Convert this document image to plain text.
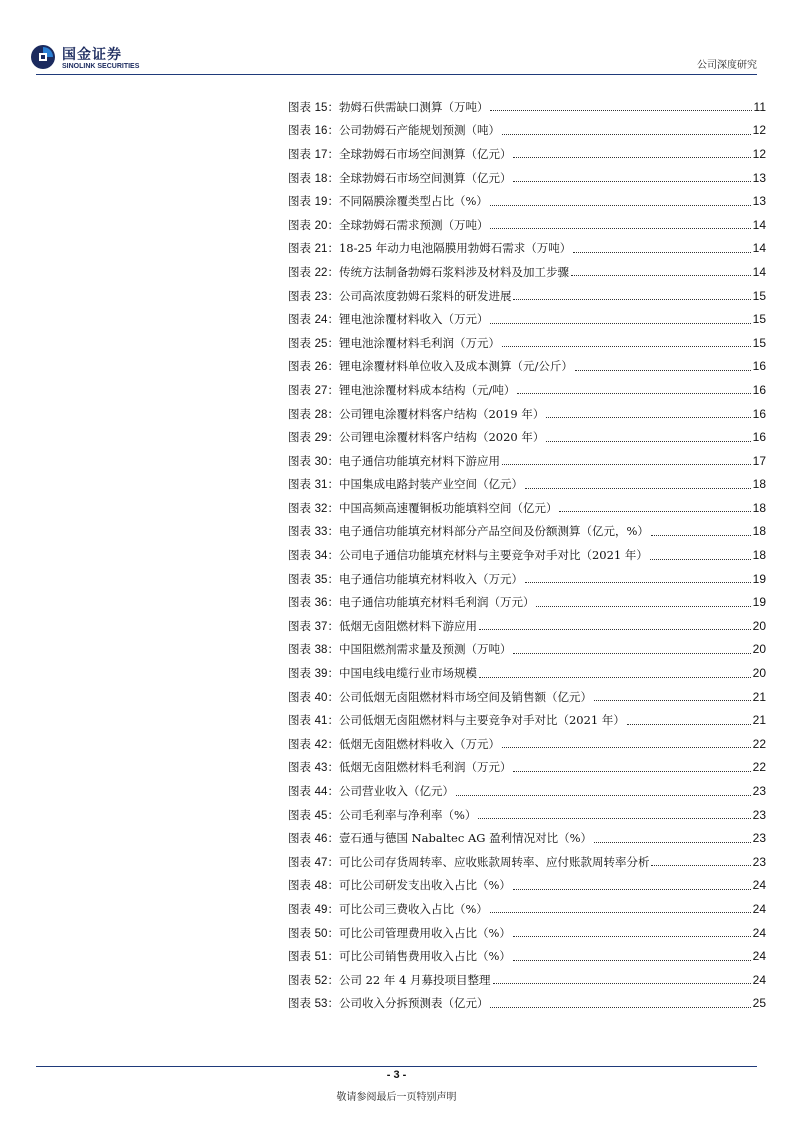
国金证券
SINOLINK SECURITIES	公司深度研究
图表 15：勃姆石供需缺口测算（万吨）	11
图表 16：公司勃姆石产能规划预测（吨）	12
图表 17：全球勃姆石市场空间测算（亿元）	12
图表 18：全球勃姆石市场空间测算（亿元）	13
图表 19：不同隔膜涂覆类型占比（%）	13
图表 20：全球勃姆石需求预测（万吨）	14
图表 21：18-25 年动力电池隔膜用勃姆石需求（万吨）	14
图表 22：传统方法制备勃姆石浆料涉及材料及加工步骤	14
图表 23：公司高浓度勃姆石浆料的研发进展	15
图表 24：锂电池涂覆材料收入（万元）	15
图表 25：锂电池涂覆材料毛利润（万元）	15
图表 26：锂电涂覆材料单位收入及成本测算（元/公斤）	16
图表 27：锂电池涂覆材料成本结构（元/吨）	16
图表 28：公司锂电涂覆材料客户结构（2019 年）	16
图表 29：公司锂电涂覆材料客户结构（2020 年）	16
图表 30：电子通信功能填充材料下游应用	17
图表 31：中国集成电路封装产业空间（亿元）	18
图表 32：中国高频高速覆铜板功能填料空间（亿元）	18
图表 33：电子通信功能填充材料部分产品空间及份额测算（亿元，%）	18
图表 34：公司电子通信功能填充材料与主要竞争对手对比（2021 年）	18
图表 35：电子通信功能填充材料收入（万元）	19
图表 36：电子通信功能填充材料毛利润（万元）	19
图表 37：低烟无卤阻燃材料下游应用	20
图表 38：中国阻燃剂需求量及预测（万吨）	20
图表 39：中国电线电缆行业市场规模	20
图表 40：公司低烟无卤阻燃材料市场空间及销售额（亿元）	21
图表 41：公司低烟无卤阻燃材料与主要竞争对手对比（2021 年）	21
图表 42：低烟无卤阻燃材料收入（万元）	22
图表 43：低烟无卤阻燃材料毛利润（万元）	22
图表 44：公司营业收入（亿元）	23
图表 45：公司毛利率与净利率（%）	23
图表 46：壹石通与德国 Nabaltec AG 盈利情况对比（%）	23
图表 47：可比公司存货周转率、应收账款周转率、应付账款周转率分析	23
图表 48：可比公司研发支出收入占比（%）	24
图表 49：可比公司三费收入占比（%）	24
图表 50：可比公司管理费用收入占比（%）	24
图表 51：可比公司销售费用收入占比（%）	24
图表 52：公司 22 年 4 月募投项目整理	24
图表 53：公司收入分拆预测表（亿元）	25
- 3 -
敬请参阅最后一页特别声明
